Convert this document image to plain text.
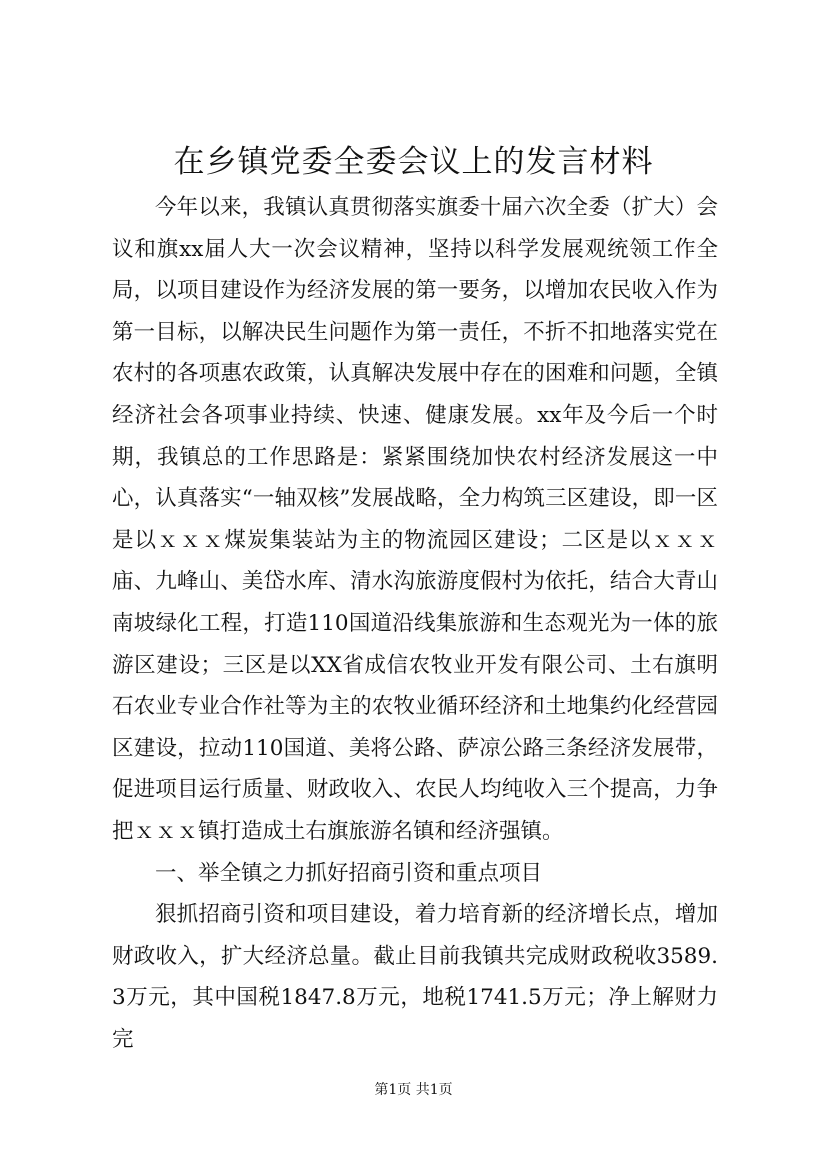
在乡镇党委全委会议上的发言材料

今年以来，我镇认真贯彻落实旗委十届六次全委（扩大）会议和旗xx届人大一次会议精神，坚持以科学发展观统领工作全局，以项目建设作为经济发展的第一要务，以增加农民收入作为第一目标，以解决民生问题作为第一责任，不折不扣地落实党在农村的各项惠农政策，认真解决发展中存在的困难和问题，全镇经济社会各项事业持续、快速、健康发展。xx年及今后一个时期，我镇总的工作思路是：紧紧围绕加快农村经济发展这一中心，认真落实“一轴双核”发展战略，全力构筑三区建设，即一区是以ｘｘｘ煤炭集装站为主的物流园区建设；二区是以ｘｘｘ庙、九峰山、美岱水库、清水沟旅游度假村为依托，结合大青山南坡绿化工程，打造110国道沿线集旅游和生态观光为一体的旅游区建设；三区是以XX省成信农牧业开发有限公司、土右旗明石农业专业合作社等为主的农牧业循环经济和土地集约化经营园区建设，拉动110国道、美将公路、萨凉公路三条经济发展带，促进项目运行质量、财政收入、农民人均纯收入三个提高，力争把ｘｘｘ镇打造成土右旗旅游名镇和经济强镇。

一、举全镇之力抓好招商引资和重点项目

狠抓招商引资和项目建设，着力培育新的经济增长点，增加财政收入，扩大经济总量。截止目前我镇共完成财政税收3589.3万元，其中国税1847.8万元，地税1741.5万元；净上解财力完

第1页 共1页
